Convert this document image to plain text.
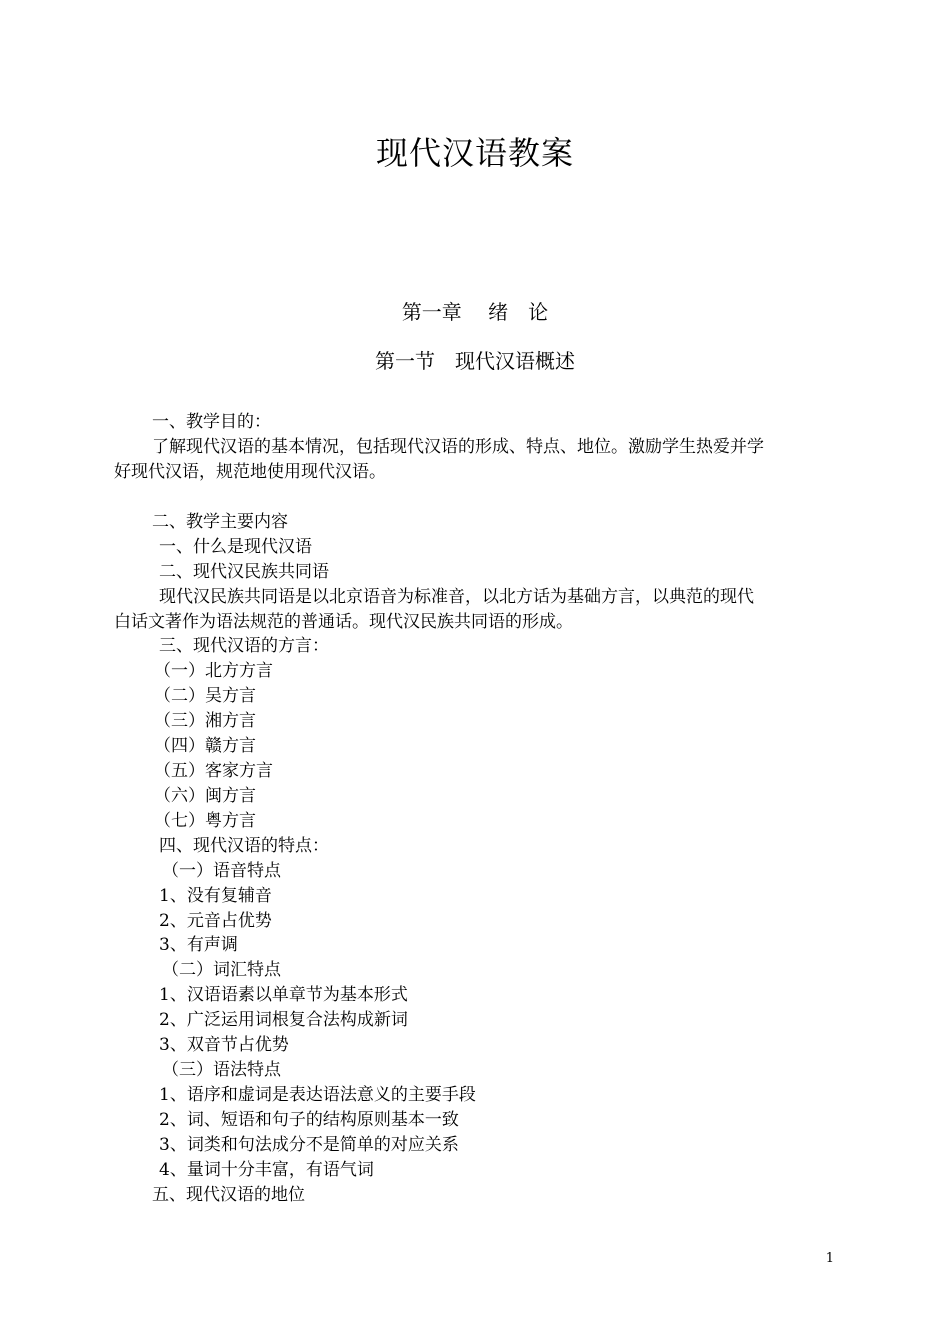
现代汉语教案
第一章　 绪　论
第一节　现代汉语概述
一、教学目的：
了解现代汉语的基本情况，包括现代汉语的形成、特点、地位。激励学生热爱并学
好现代汉语，规范地使用现代汉语。
二、教学主要内容
一、什么是现代汉语
二、现代汉民族共同语
现代汉民族共同语是以北京语音为标准音，以北方话为基础方言，以典范的现代
白话文著作为语法规范的普通话。现代汉民族共同语的形成。
三、现代汉语的方言：
（一）北方方言
（二）吴方言
（三）湘方言
（四）赣方言
（五）客家方言
（六）闽方言
（七）粤方言
四、现代汉语的特点：
（一）语音特点
1、没有复辅音
2、元音占优势
3、有声调
（二）词汇特点
1、汉语语素以单章节为基本形式
2、广泛运用词根复合法构成新词
3、双音节占优势
（三）语法特点
1、语序和虚词是表达语法意义的主要手段
2、词、短语和句子的结构原则基本一致
3、词类和句法成分不是简单的对应关系
4、量词十分丰富，有语气词
五、现代汉语的地位
1
